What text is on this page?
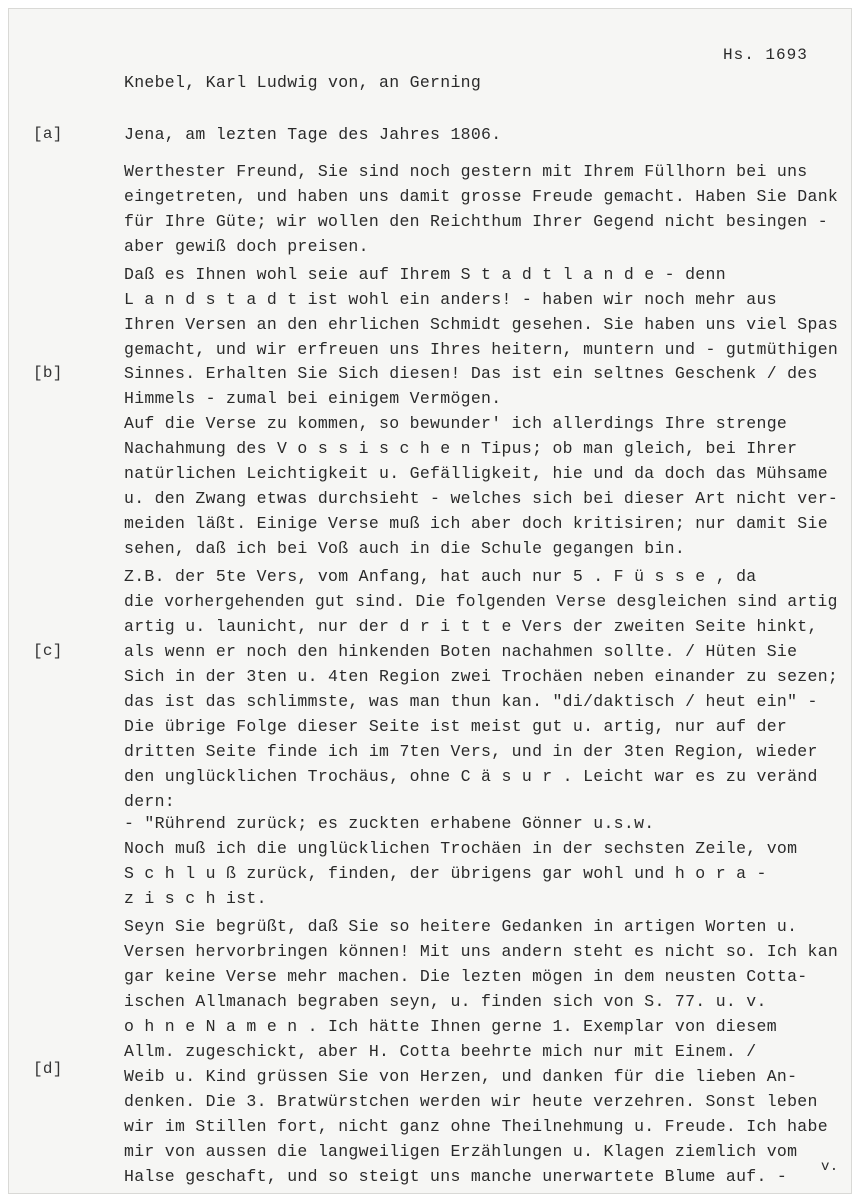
Hs. 1693
Knebel, Karl Ludwig von, an Gerning
[a]
[b]
[c]
[d]
Jena, am lezten Tage des Jahres 1806.
Werthester Freund, Sie sind noch gestern mit Ihrem Füllhorn bei uns
eingetreten, und haben uns damit grosse Freude gemacht. Haben Sie Dank
für Ihre Güte; wir wollen den Reichthum Ihrer Gegend nicht besingen -
aber gewiß doch preisen.
Daß es Ihnen wohl seie auf Ihrem S t a d t l a n d e - denn
L a n d s t a d t ist wohl ein anders! - haben wir noch mehr aus
Ihren Versen an den ehrlichen Schmidt gesehen. Sie haben uns viel Spas
gemacht, und wir erfreuen uns Ihres heitern, muntern und - gutmüthigen
Sinnes. Erhalten Sie Sich diesen! Das ist ein seltnes Geschenk / des
Himmels - zumal bei einigem Vermögen.
Auf die Verse zu kommen, so bewunder' ich allerdings Ihre strenge
Nachahmung des V o s s i s c h e n Tipus; ob man gleich, bei Ihrer
natürlichen Leichtigkeit u. Gefälligkeit, hie und da doch das Mühsame
u. den Zwang etwas durchsieht - welches sich bei dieser Art nicht ver-
meiden läßt. Einige Verse muß ich aber doch kritisiren; nur damit Sie
sehen, daß ich bei Voß auch in die Schule gegangen bin.
Z.B. der 5te Vers, vom Anfang, hat auch nur 5 . F ü s s e , da
die vorhergehenden gut sind. Die folgenden Verse desgleichen sind artig
artig u. launicht, nur der d r i t t e Vers der zweiten Seite hinkt,
als wenn er noch den hinkenden Boten nachahmen sollte. / Hüten Sie
Sich in der 3ten u. 4ten Region zwei Trochäen neben einander zu sezen;
das ist das schlimmste, was man thun kan. "di/daktisch / heut ein" -
Die übrige Folge dieser Seite ist meist gut u. artig, nur auf der
dritten Seite finde ich im 7ten Vers, und in der 3ten Region, wieder
den unglücklichen Trochäus, ohne C ä s u r . Leicht war es zu veränd
dern:
- "Rührend zurück; es zuckten erhabene Gönner u.s.w.
Noch muß ich die unglücklichen Trochäen in der sechsten Zeile, vom
S c h l u ß zurück, finden, der übrigens gar wohl und h o r a -
z i s c h ist.
Seyn Sie begrüßt, daß Sie so heitere Gedanken in artigen Worten u.
Versen hervorbringen können! Mit uns andern steht es nicht so. Ich kan
gar keine Verse mehr machen. Die lezten mögen in dem neusten Cotta-
ischen Allmanach begraben seyn, u. finden sich von S. 77. u. v.
o h n e N a m e n . Ich hätte Ihnen gerne 1. Exemplar von diesem
Allm. zugeschickt, aber H. Cotta beehrte mich nur mit Einem. /
Weib u. Kind grüssen Sie von Herzen, und danken für die lieben An-
denken. Die 3. Bratwürstchen werden wir heute verzehren. Sonst leben
wir im Stillen fort, nicht ganz ohne Theilnehmung u. Freude. Ich habe
mir von aussen die langweiligen Erzählungen u. Klagen ziemlich vom
Halse geschaft, und so steigt uns manche unerwartete Blume auf. - v.
